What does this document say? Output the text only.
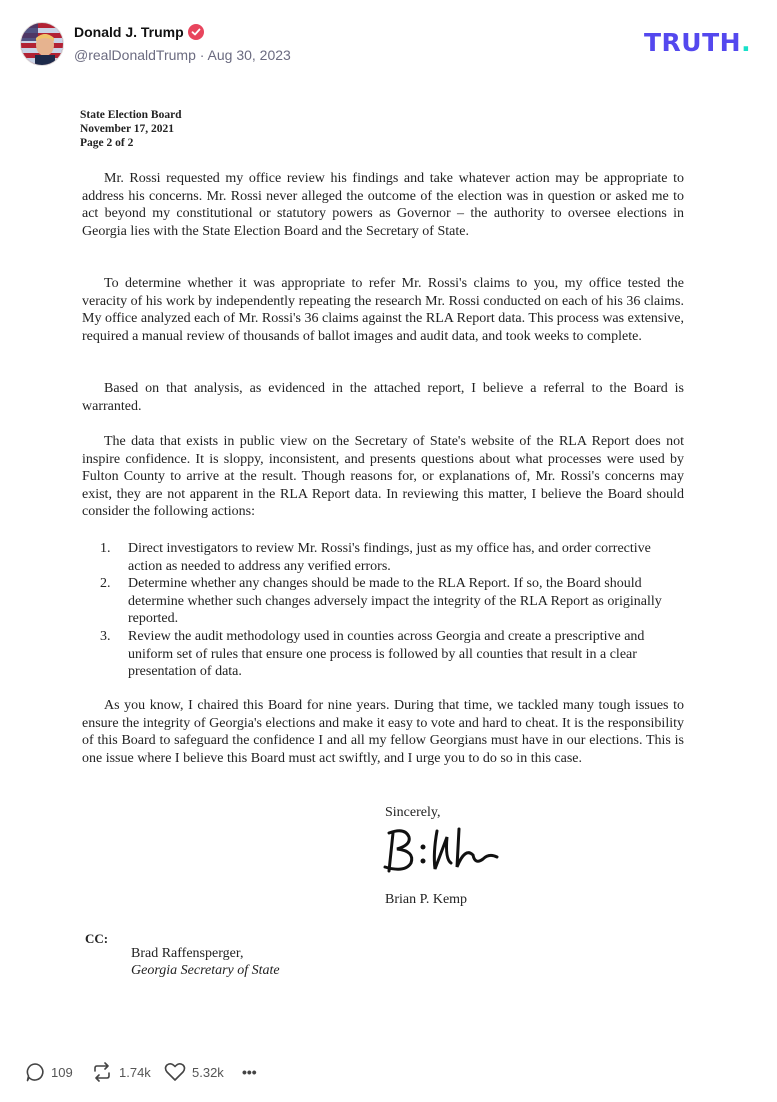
Donald J. Trump
@realDonaldTrump · Aug 30, 2023	TRUTH.
State Election Board
November 17, 2021
Page 2 of 2

Mr. Rossi requested my office review his findings and take whatever action may be appropriate to address his concerns. Mr. Rossi never alleged the outcome of the election was in question or asked me to act beyond my constitutional or statutory powers as Governor – the authority to oversee elections in Georgia lies with the State Election Board and the Secretary of State.

To determine whether it was appropriate to refer Mr. Rossi's claims to you, my office tested the veracity of his work by independently repeating the research Mr. Rossi conducted on each of his 36 claims. My office analyzed each of Mr. Rossi's 36 claims against the RLA Report data. This process was extensive, required a manual review of thousands of ballot images and audit data, and took weeks to complete.

Based on that analysis, as evidenced in the attached report, I believe a referral to the Board is warranted.

The data that exists in public view on the Secretary of State's website of the RLA Report does not inspire confidence. It is sloppy, inconsistent, and presents questions about what processes were used by Fulton County to arrive at the result. Though reasons for, or explanations of, Mr. Rossi's concerns may exist, they are not apparent in the RLA Report data. In reviewing this matter, I believe the Board should consider the following actions:

1. Direct investigators to review Mr. Rossi's findings, just as my office has, and order corrective action as needed to address any verified errors.
2. Determine whether any changes should be made to the RLA Report. If so, the Board should determine whether such changes adversely impact the integrity of the RLA Report as originally reported.
3. Review the audit methodology used in counties across Georgia and create a prescriptive and uniform set of rules that ensure one process is followed by all counties that result in a clear presentation of data.

As you know, I chaired this Board for nine years. During that time, we tackled many tough issues to ensure the integrity of Georgia's elections and make it easy to vote and hard to cheat. It is the responsibility of this Board to safeguard the confidence I and all my fellow Georgians must have in our elections. This is one issue where I believe this Board must act swiftly, and I urge you to do so in this case.

Sincerely,
Brian P. Kemp
CC:
Brad Raffensperger,
Georgia Secretary of State
109	1.74k	5.32k •••
